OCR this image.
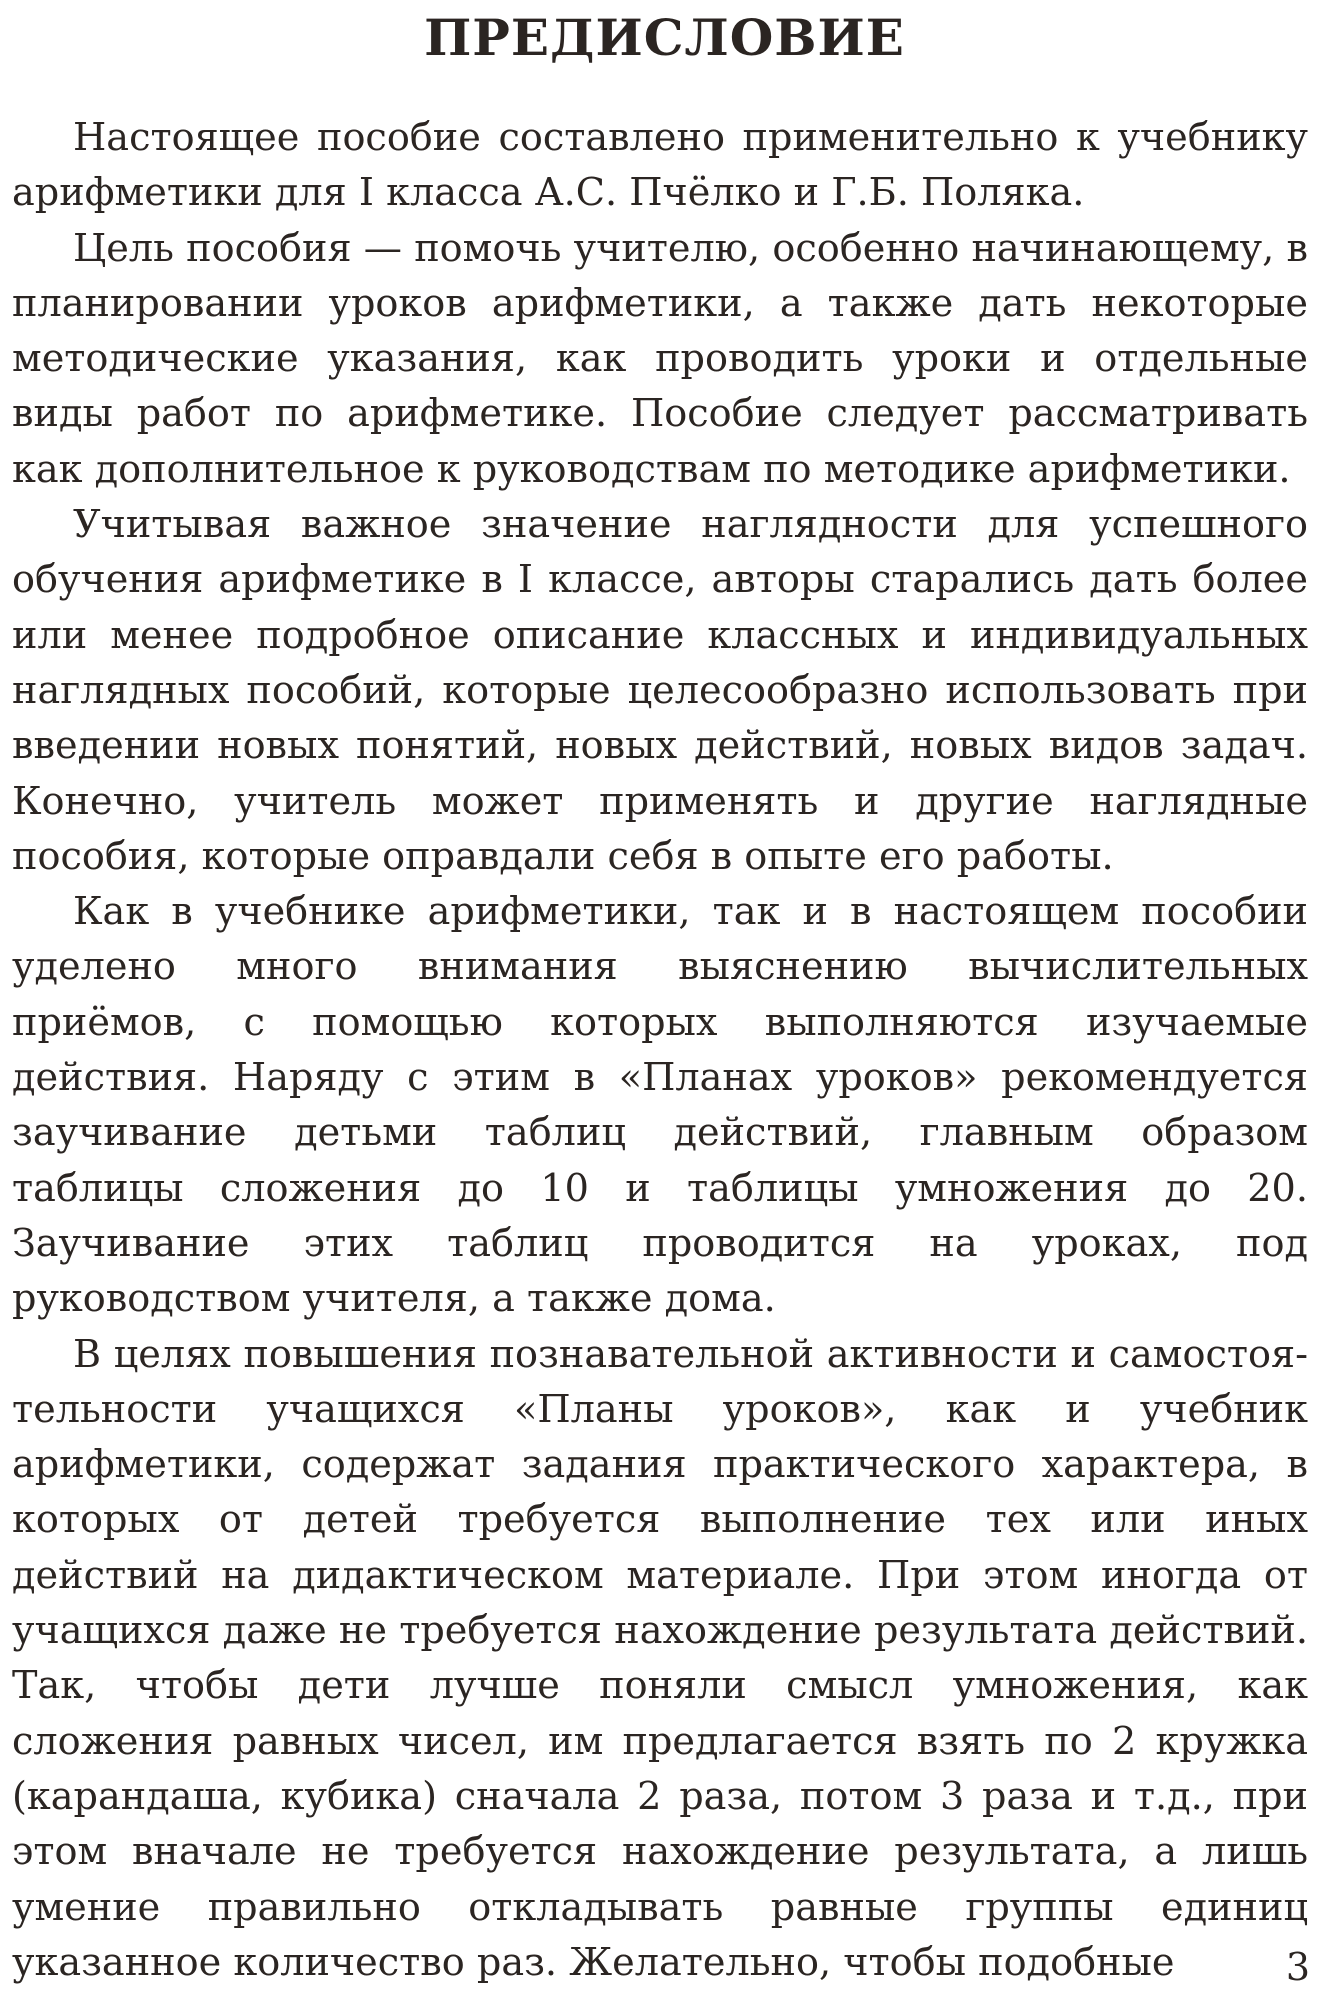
ПРЕДИСЛОВИЕ

Настоящее пособие составлено применительно к учебнику арифметики для I класса А.С. Пчёлко и Г.Б. Поляка.

Цель пособия — помочь учителю, особенно начинающему, в планировании уроков арифметики, а также дать некоторые методические указания, как проводить уроки и отдельные виды работ по арифметике. Пособие следует рассматривать как дополнительное к руководствам по методике арифметики.

Учитывая важное значение наглядности для успешного обучения арифметике в I классе, авторы старались дать более или менее подробное описание классных и индивидуальных наглядных пособий, которые целесообразно использовать при введении новых понятий, новых действий, новых видов задач. Конечно, учитель может применять и другие наглядные пособия, которые оправдали себя в опыте его работы.

Как в учебнике арифметики, так и в настоящем пособии уделено много внимания выяснению вычислительных приёмов, с помощью которых выполняются изучаемые действия. Наряду с этим в «Планах уроков» рекомендуется заучивание детьми таблиц действий, главным образом таблицы сложения до 10 и таблицы умножения до 20. Заучивание этих таблиц проводится на уроках, под руководством учителя, а также дома.

В целях повышения познавательной активности и самостоятельности учащихся «Планы уроков», как и учебник арифметики, содержат задания практического характера, в которых от детей требуется выполнение тех или иных действий на дидактическом материале. При этом иногда от учащихся даже не требуется нахождение результата действий. Так, чтобы дети лучше поняли смысл умножения, как сложения равных чисел, им предлагается взять по 2 кружка (карандаша, кубика) сначала 2 раза, потом 3 раза и т.д., при этом вначале не требуется нахождение результата, а лишь умение правильно откладывать равные группы единиц указанное количество раз. Желательно, чтобы подобные	3
